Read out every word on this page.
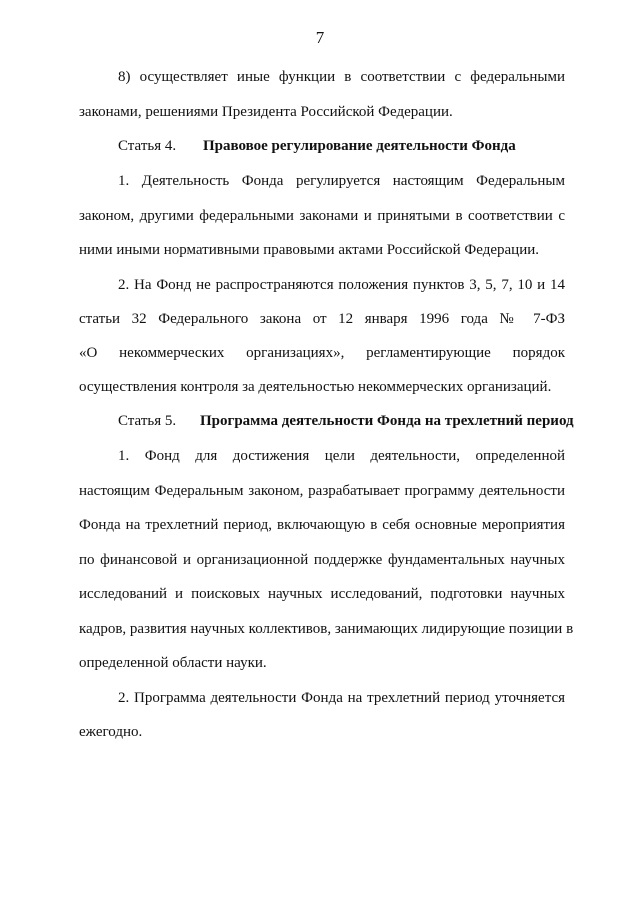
7
8) осуществляет иные функции в соответствии с федеральными
законами, решениями Президента Российской Федерации.
Статья 4. Правовое регулирование деятельности Фонда
1. Деятельность Фонда регулируется настоящим Федеральным
законом, другими федеральными законами и принятыми в соответствии с
ними иными нормативными правовыми актами Российской Федерации.
2. На Фонд не распространяются положения пунктов 3, 5, 7, 10 и 14
статьи 32 Федерального закона от 12 января 1996 года № 7-ФЗ
«О некоммерческих организациях», регламентирующие порядок
осуществления контроля за деятельностью некоммерческих организаций.
Статья 5. Программа деятельности Фонда на трехлетний период
1. Фонд для достижения цели деятельности, определенной
настоящим Федеральным законом, разрабатывает программу деятельности
Фонда на трехлетний период, включающую в себя основные мероприятия
по финансовой и организационной поддержке фундаментальных научных
исследований и поисковых научных исследований, подготовки научных
кадров, развития научных коллективов, занимающих лидирующие позиции в
определенной области науки.
2. Программа деятельности Фонда на трехлетний период уточняется
ежегодно.
